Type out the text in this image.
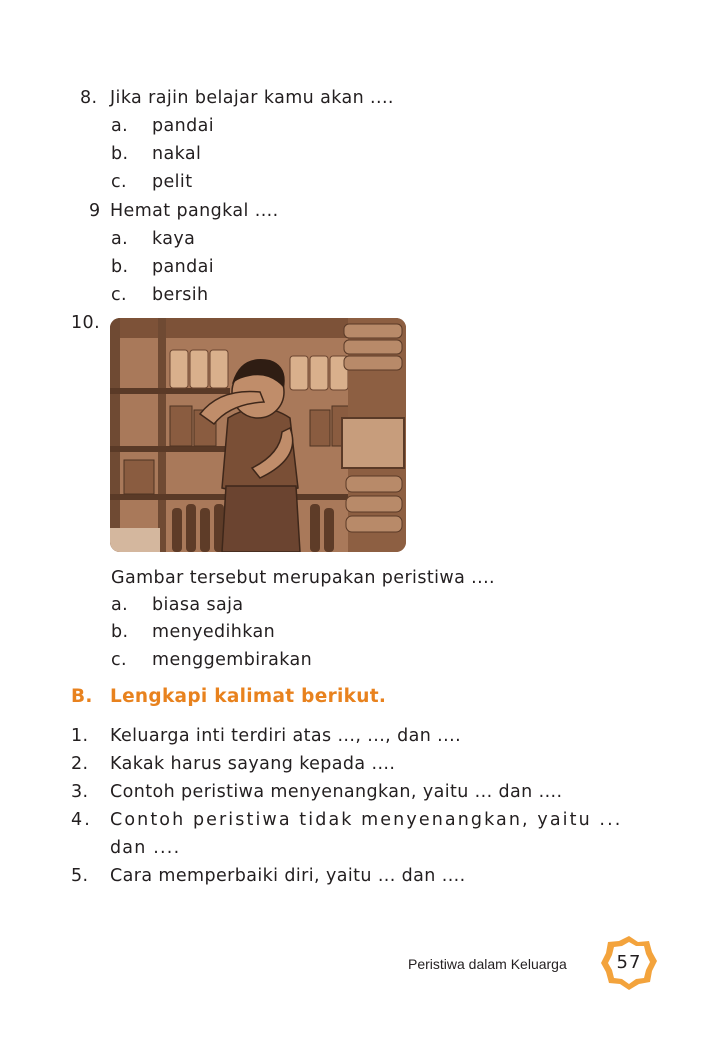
8. Jika rajin belajar kamu akan ....
a. pandai
b. nakal
c. pelit
9 Hemat pangkal ....
a. kaya
b. pandai
c. bersih
10.
Gambar tersebut merupakan peristiwa ....
a. biasa saja
b. menyedihkan
c. menggembirakan
B. Lengkapi kalimat berikut.
1. Keluarga inti terdiri atas ..., ..., dan ....
2. Kakak harus sayang kepada ....
3. Contoh peristiwa menyenangkan, yaitu ... dan ....
4. Contoh peristiwa tidak menyenangkan, yaitu ...
dan ....
5. Cara memperbaiki diri, yaitu ... dan ....
Peristiwa dalam Keluarga	57
